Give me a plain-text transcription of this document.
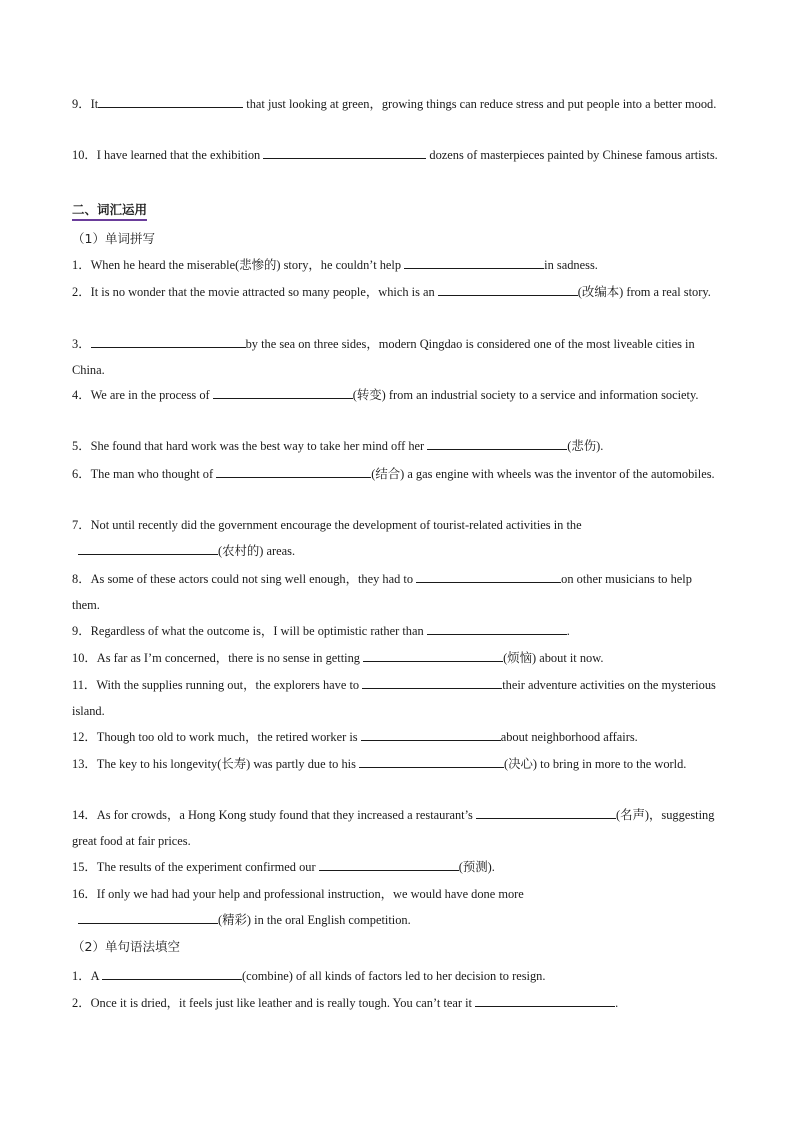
9．It	that just looking at green，growing things can reduce stress and put people into a better mood.
10．I have learned that the exhibition	dozens of masterpieces painted by Chinese famous artists.
二、词汇运用
（1）单词拼写
1．When he heard the miserable(悲惨的) story，he couldn’t help	in sadness.
2．It is no wonder that the movie attracted so many people，which is an	(改编本) from a real story.
3．	by the sea on three sides，modern Qingdao is considered one of the most liveable cities in China.
4．We are in the process of	(转变) from an industrial society to a service and information society.
5．She found that hard work was the best way to take her mind off her	(悲伤).
6．The man who thought of	(结合) a gas engine with wheels was the inventor of the automobiles.
7．Not until recently did the government encourage the development of tourist-related activities in the
(农村的) areas.
8．As some of these actors could not sing well enough，they had to	on other musicians to help them.
9．Regardless of what the outcome is，I will be optimistic rather than	.
10．As far as I’m concerned，there is no sense in getting	(烦恼) about it now.
11．With the supplies running out，the explorers have to	their adventure activities on the mysterious island.
12．Though too old to work much，the retired worker is	about neighborhood affairs.
13．The key to his longevity(长寿) was partly due to his	(决心) to bring in more to the world.
14．As for crowds，a Hong Kong study found that they increased a restaurant’s	(名声)，suggesting great food at fair prices.
15．The results of the experiment confirmed our	(预测).
16．If only we had had your help and professional instruction，we would have done more
(精彩) in the oral English competition.
（2）单句语法填空
1．A	(combine) of all kinds of factors led to her decision to resign.
2．Once it is dried，it feels just like leather and is really tough. You can’t tear it	.
